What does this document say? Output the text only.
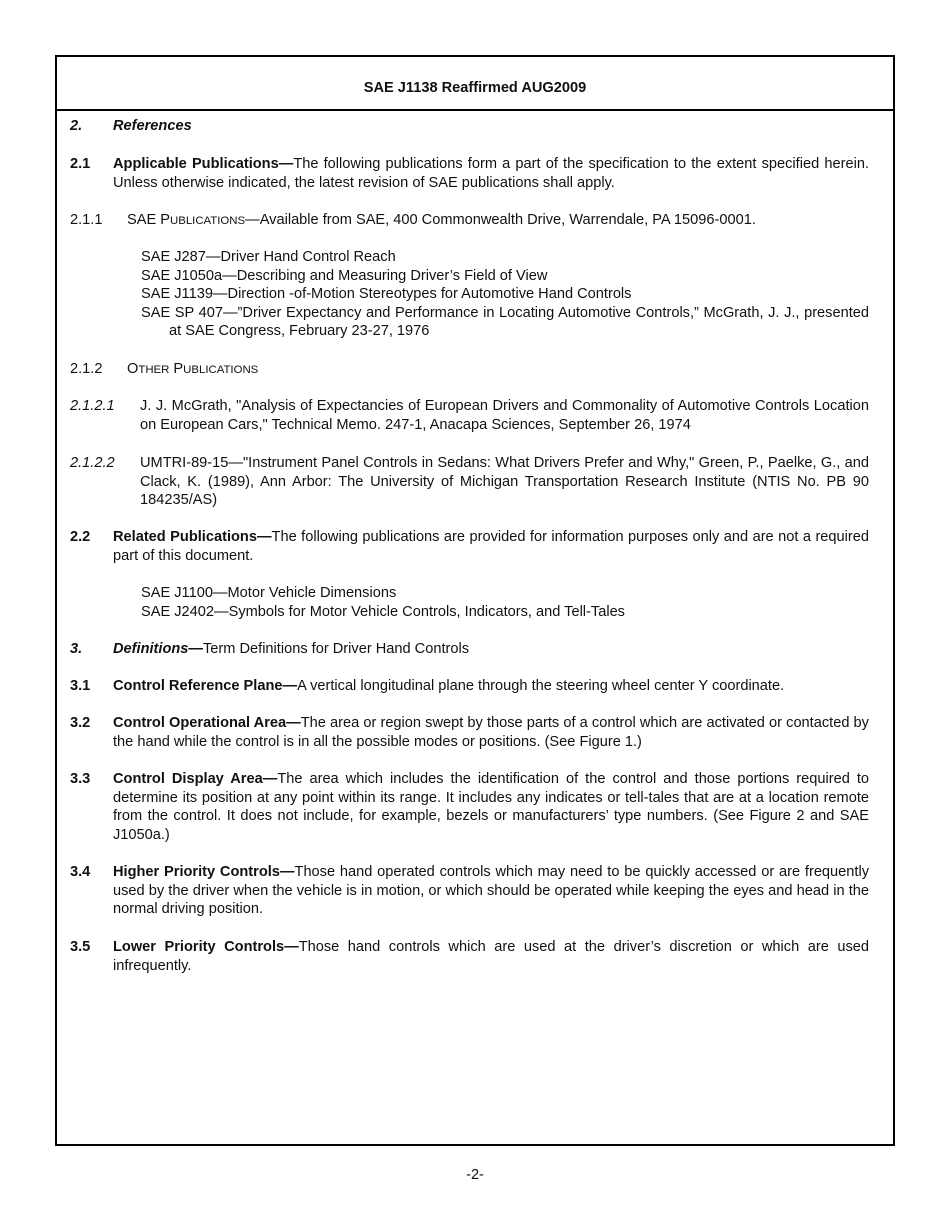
SAE J1138 Reaffirmed AUG2009
2. References
2.1 Applicable Publications—The following publications form a part of the specification to the extent specified herein. Unless otherwise indicated, the latest revision of SAE publications shall apply.
2.1.1 SAE PUBLICATIONS—Available from SAE, 400 Commonwealth Drive, Warrendale, PA 15096-0001.
SAE J287—Driver Hand Control Reach
SAE J1050a—Describing and Measuring Driver’s Field of View
SAE J1139—Direction -of-Motion Stereotypes for Automotive Hand Controls
SAE SP 407—”Driver Expectancy and Performance in Locating Automotive Controls,” McGrath, J. J., presented at SAE Congress, February 23-27, 1976
2.1.2 OTHER PUBLICATIONS
2.1.2.1 J. J. McGrath, "Analysis of Expectancies of European Drivers and Commonality of Automotive Controls Location on European Cars," Technical Memo. 247-1, Anacapa Sciences, September 26, 1974
2.1.2.2 UMTRI-89-15—"Instrument Panel Controls in Sedans: What Drivers Prefer and Why," Green, P., Paelke, G., and Clack, K. (1989), Ann Arbor: The University of Michigan Transportation Research Institute (NTIS No. PB 90 184235/AS)
2.2 Related Publications—The following publications are provided for information purposes only and are not a required part of this document.
SAE J1100—Motor Vehicle Dimensions
SAE J2402—Symbols for Motor Vehicle Controls, Indicators, and Tell-Tales
3. Definitions—Term Definitions for Driver Hand Controls
3.1 Control Reference Plane—A vertical longitudinal plane through the steering wheel center Y coordinate.
3.2 Control Operational Area—The area or region swept by those parts of a control which are activated or contacted by the hand while the control is in all the possible modes or positions. (See Figure 1.)
3.3 Control Display Area—The area which includes the identification of the control and those portions required to determine its position at any point within its range. It includes any indicates or tell-tales that are at a location remote from the control. It does not include, for example, bezels or manufacturers’ type numbers. (See Figure 2 and SAE J1050a.)
3.4 Higher Priority Controls—Those hand operated controls which may need to be quickly accessed or are frequently used by the driver when the vehicle is in motion, or which should be operated while keeping the eyes and head in the normal driving position.
3.5 Lower Priority Controls—Those hand controls which are used at the driver’s discretion or which are used infrequently.
-2-
